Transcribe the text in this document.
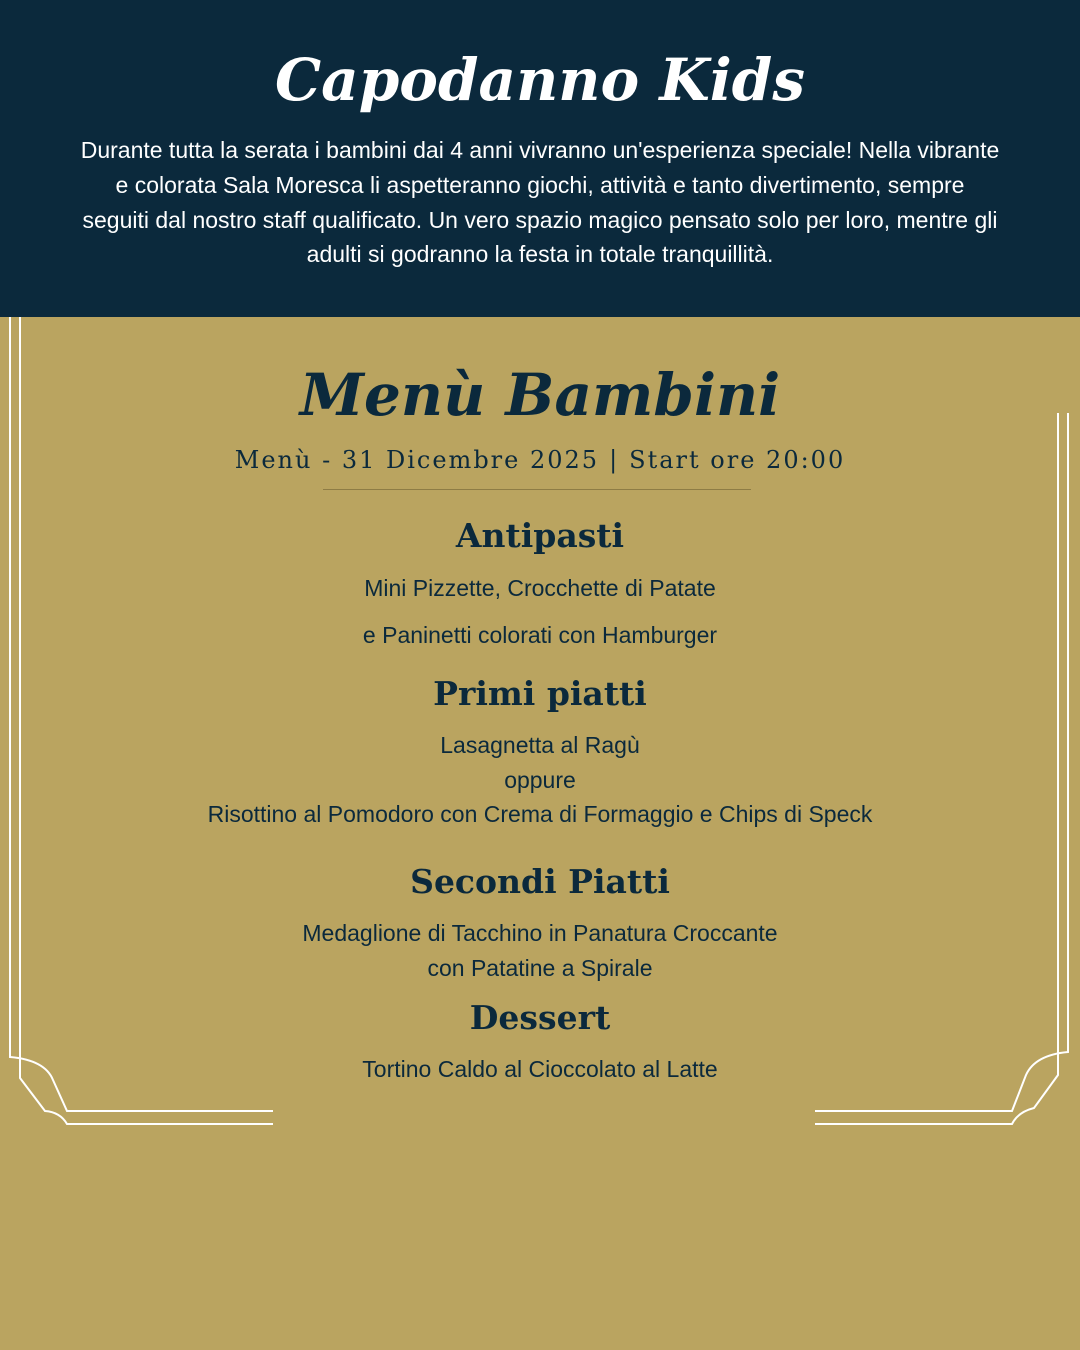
Capodanno Kids

Durante tutta la serata i bambini dai 4 anni vivranno un'esperienza speciale! Nella vibrante e colorata Sala Moresca li aspetteranno giochi, attività e tanto divertimento, sempre seguiti dal nostro staff qualificato. Un vero spazio magico pensato solo per loro, mentre gli adulti si godranno la festa in totale tranquillità.

Menù Bambini
Menù - 31 Dicembre 2025 | Start ore 20:00
Antipasti
Mini Pizzette, Crocchette di Patate
e Paninetti colorati con Hamburger
Primi piatti
Lasagnetta al Ragù
oppure
Risottino al Pomodoro con Crema di Formaggio e Chips di Speck
Secondi Piatti
Medaglione di Tacchino in Panatura Croccante
con Patatine a Spirale
Dessert
Tortino Caldo al Cioccolato al Latte
